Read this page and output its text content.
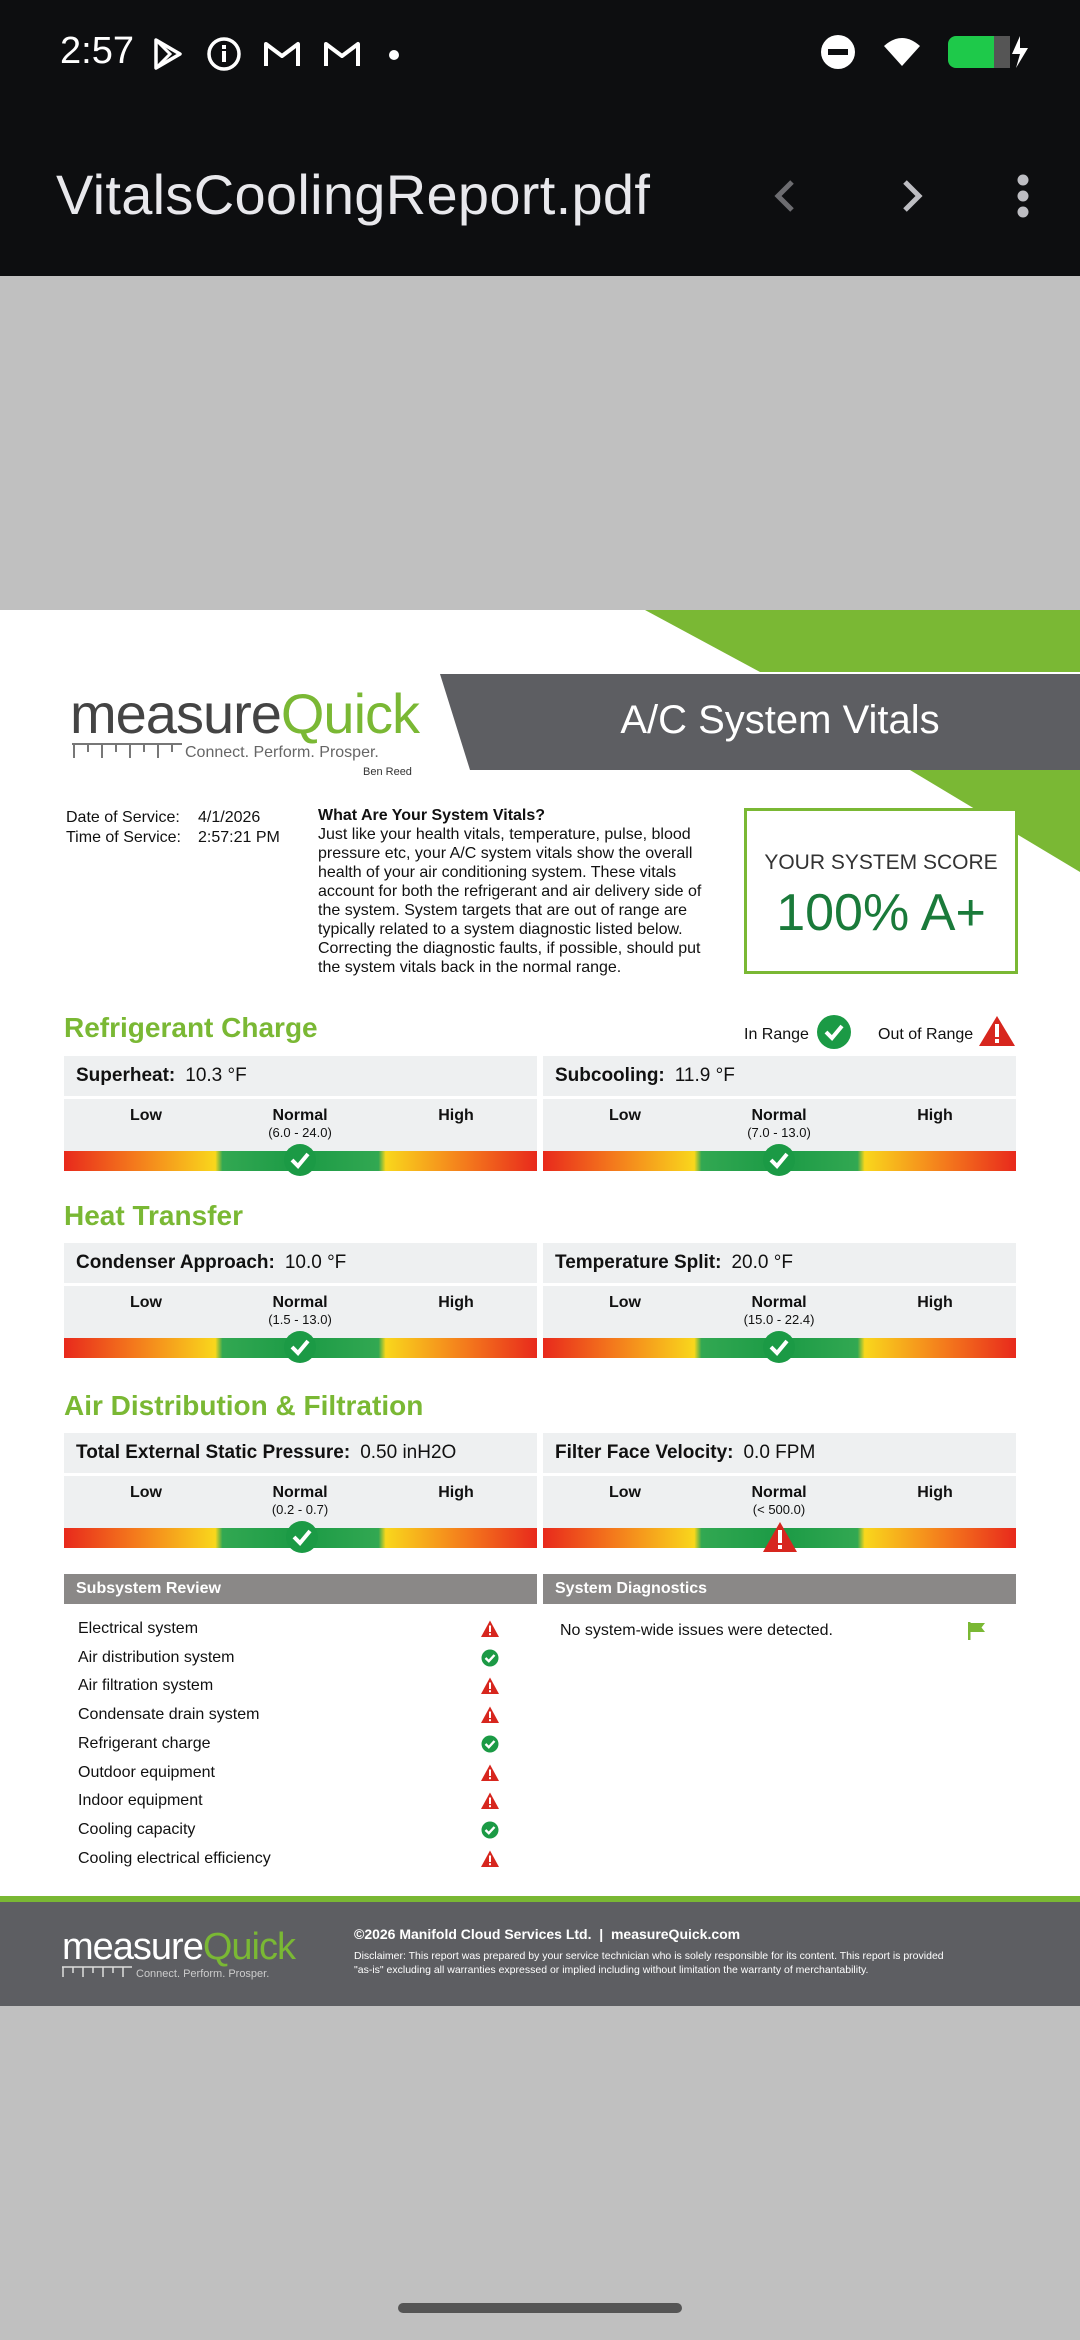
2:57
VitalsCoolingReport.pdf
A/C System Vitals
measureQuick
Connect. Perform. Prosper.
Ben Reed
Date of Service: 4/1/2026
Time of Service: 2:57:21 PM
What Are Your System Vitals?
Just like your health vitals, temperature, pulse, blood
pressure etc, your A/C system vitals show the overall
health of your air conditioning system. These vitals
account for both the refrigerant and air delivery side of
the system. System targets that are out of range are
typically related to a system diagnostic listed below.
Correcting the diagnostic faults, if possible, should put
the system vitals back in the normal range.
YOUR SYSTEM SCORE
100% A+
Refrigerant Charge	In Range	Out of Range
Superheat: 10.3 °F
Low	Normal
(6.0 - 24.0)
High
Subcooling: 11.9 °F
Low	Normal
(7.0 - 13.0)
High
Heat Transfer
Condenser Approach: 10.0 °F
Low	Normal
(1.5 - 13.0)
High
Temperature Split: 20.0 °F
Low	Normal
(15.0 - 22.4)
High
Air Distribution & Filtration
Total External Static Pressure: 0.50 inH2O
Low	Normal
(0.2 - 0.7)
High
Filter Face Velocity: 0.0 FPM
Low	Normal
(< 500.0)
High
Subsystem Review	System Diagnostics
Electrical system
Air distribution system
Air filtration system
Condensate drain system
Refrigerant charge
Outdoor equipment
Indoor equipment
Cooling capacity
Cooling electrical efficiency
No system-wide issues were detected.
measureQuick
Connect. Perform. Prosper.
©2026 Manifold Cloud Services Ltd.  |  measureQuick.com
Disclaimer: This report was prepared by your service technician who is solely responsible for its content. This report is provided
"as-is" excluding all warranties expressed or implied including without limitation the warranty of merchantability.
